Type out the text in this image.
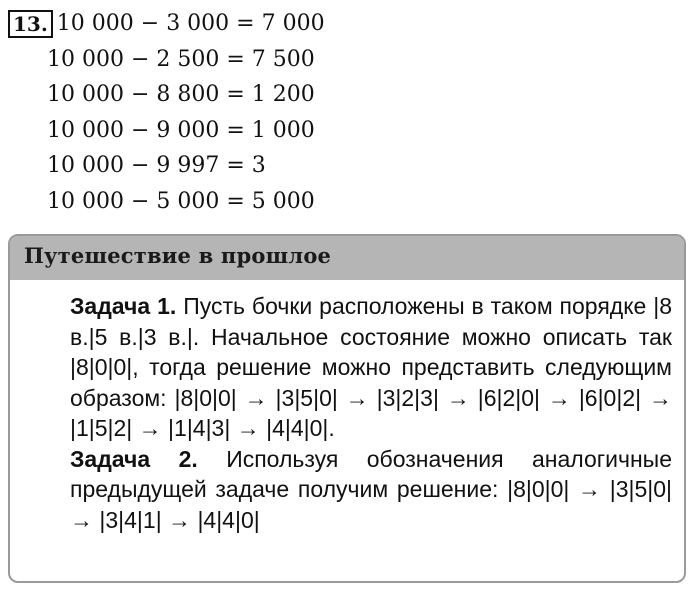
13. 10 000 − 3 000 = 7 000
10 000 − 2 500 = 7 500
10 000 − 8 800 = 1 200
10 000 − 9 000 = 1 000
10 000 − 9 997 = 3
10 000 − 5 000 = 5 000
Путешествие в прошлое

Задача 1. Пусть бочки расположены в таком порядке |8 в.|5 в.|3 в.|. Начальное состояние можно описать так |8|0|0|, тогда решение можно представить следующим образом: |8|0|0| → |3|5|0| → |3|2|3| → |6|2|0| → |6|0|2| → |1|5|2| → |1|4|3| → |4|4|0|.

Задача 2. Используя обозначения аналогичные предыдущей задаче получим решение: |8|0|0| → |3|5|0| → |3|4|1| → |4|4|0|
